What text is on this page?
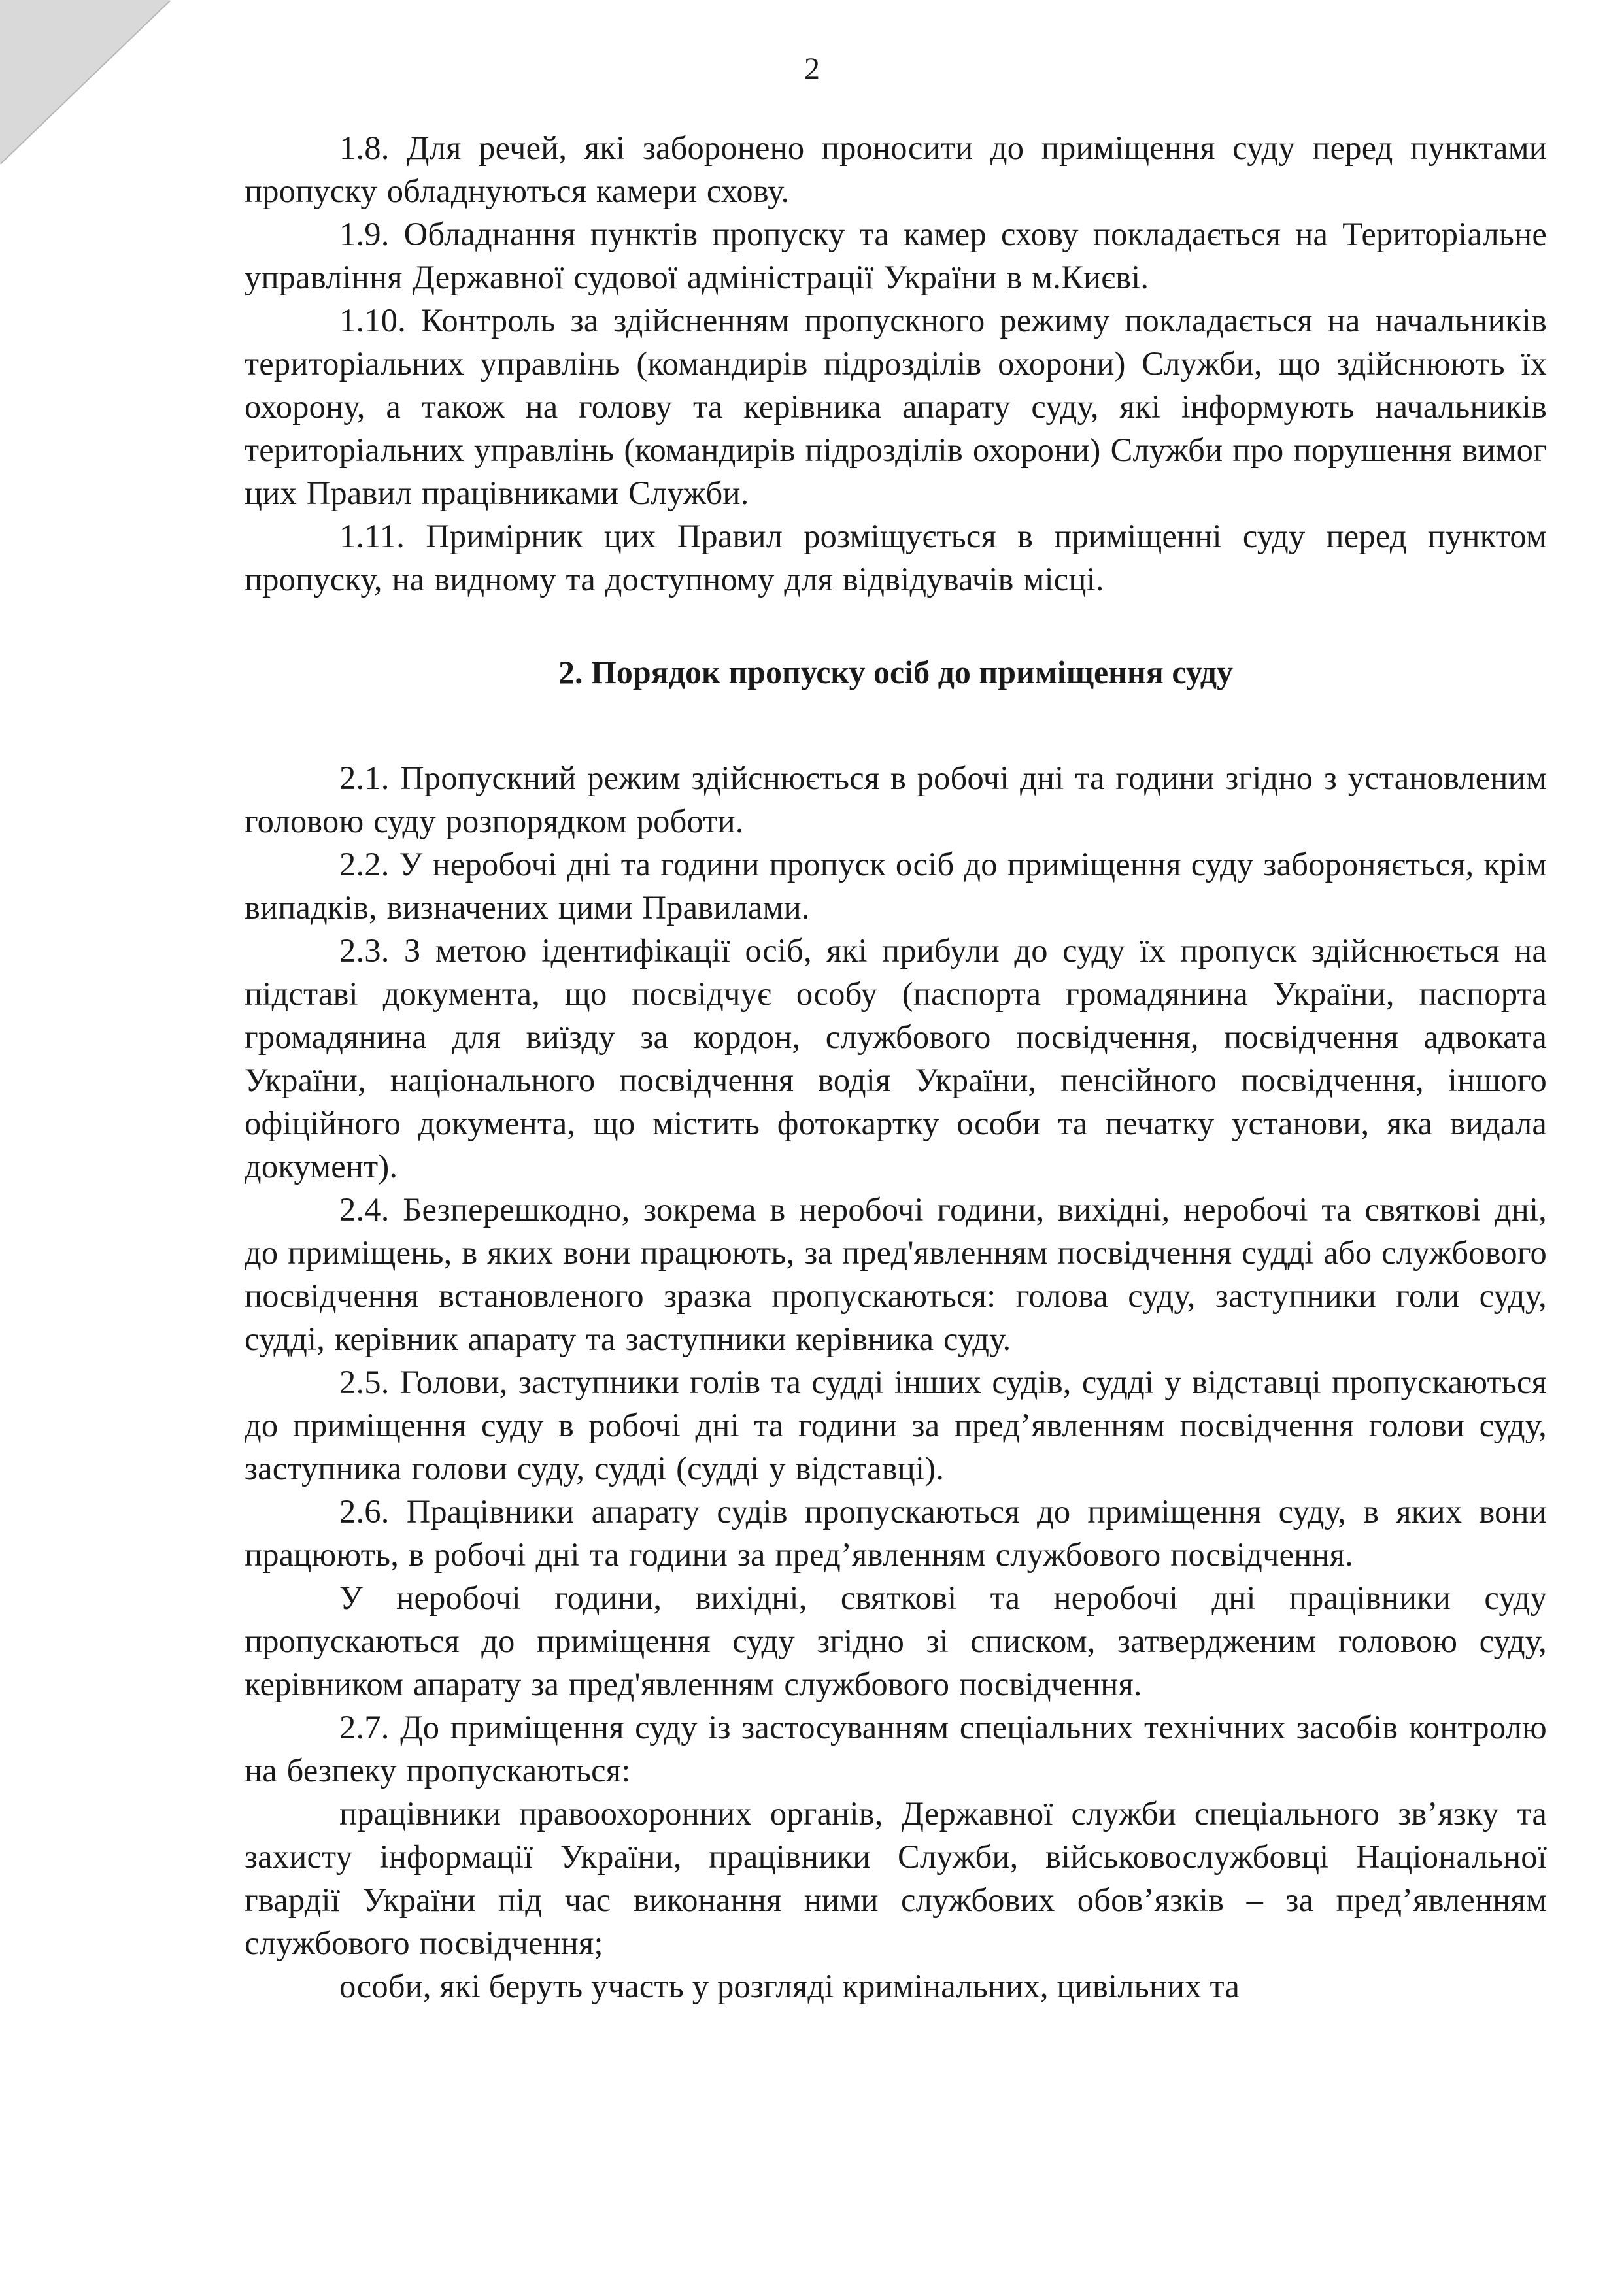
2

1.8. Для речей, які заборонено проносити до приміщення суду перед пунктами пропуску обладнуються камери схову.

1.9. Обладнання пунктів пропуску та камер схову покладається на Територіальне управління Державної судової адміністрації України в м.Києві.

1.10. Контроль за здійсненням пропускного режиму покладається на начальників територіальних управлінь (командирів підрозділів охорони) Служби, що здійснюють їх охорону, а також на голову та керівника апарату суду, які інформують начальників територіальних управлінь (командирів підрозділів охорони) Служби про порушення вимог цих Правил працівниками Служби.

1.11. Примірник цих Правил розміщується в приміщенні суду перед пунктом пропуску, на видному та доступному для відвідувачів місці.

2. Порядок пропуску осіб до приміщення суду

2.1. Пропускний режим здійснюється в робочі дні та години згідно з установленим головою суду розпорядком роботи.

2.2. У неробочі дні та години пропуск осіб до приміщення суду забороняється, крім випадків, визначених цими Правилами.

2.3. З метою ідентифікації осіб, які прибули до суду їх пропуск здійснюється на підставі документа, що посвідчує особу (паспорта громадянина України, паспорта громадянина для виїзду за кордон, службового посвідчення, посвідчення адвоката України, національного посвідчення водія України, пенсійного посвідчення, іншого офіційного документа, що містить фотокартку особи та печатку установи, яка видала документ).

2.4. Безперешкодно, зокрема в неробочі години, вихідні, неробочі та святкові дні, до приміщень, в яких вони працюють, за пред'явленням посвідчення судді або службового посвідчення встановленого зразка пропускаються: голова суду, заступники голи суду, судді, керівник апарату та заступники керівника суду.

2.5. Голови, заступники голів та судді інших судів, судді у відставці пропускаються до приміщення суду в робочі дні та години за пред’явленням посвідчення голови суду, заступника голови суду, судді (судді у відставці).

2.6. Працівники апарату судів пропускаються до приміщення суду, в яких вони працюють, в робочі дні та години за пред’явленням службового посвідчення.

У неробочі години, вихідні, святкові та неробочі дні працівники суду пропускаються до приміщення суду згідно зі списком, затвердженим головою суду, керівником апарату за пред'явленням службового посвідчення.

2.7. До приміщення суду із застосуванням спеціальних технічних засобів контролю на безпеку пропускаються:

працівники правоохоронних органів, Державної служби спеціального зв’язку та захисту інформації України, працівники Служби, військовослужбовці Національної гвардії України під час виконання ними службових обов’язків – за пред’явленням службового посвідчення;

особи, які беруть участь у розгляді кримінальних, цивільних та
